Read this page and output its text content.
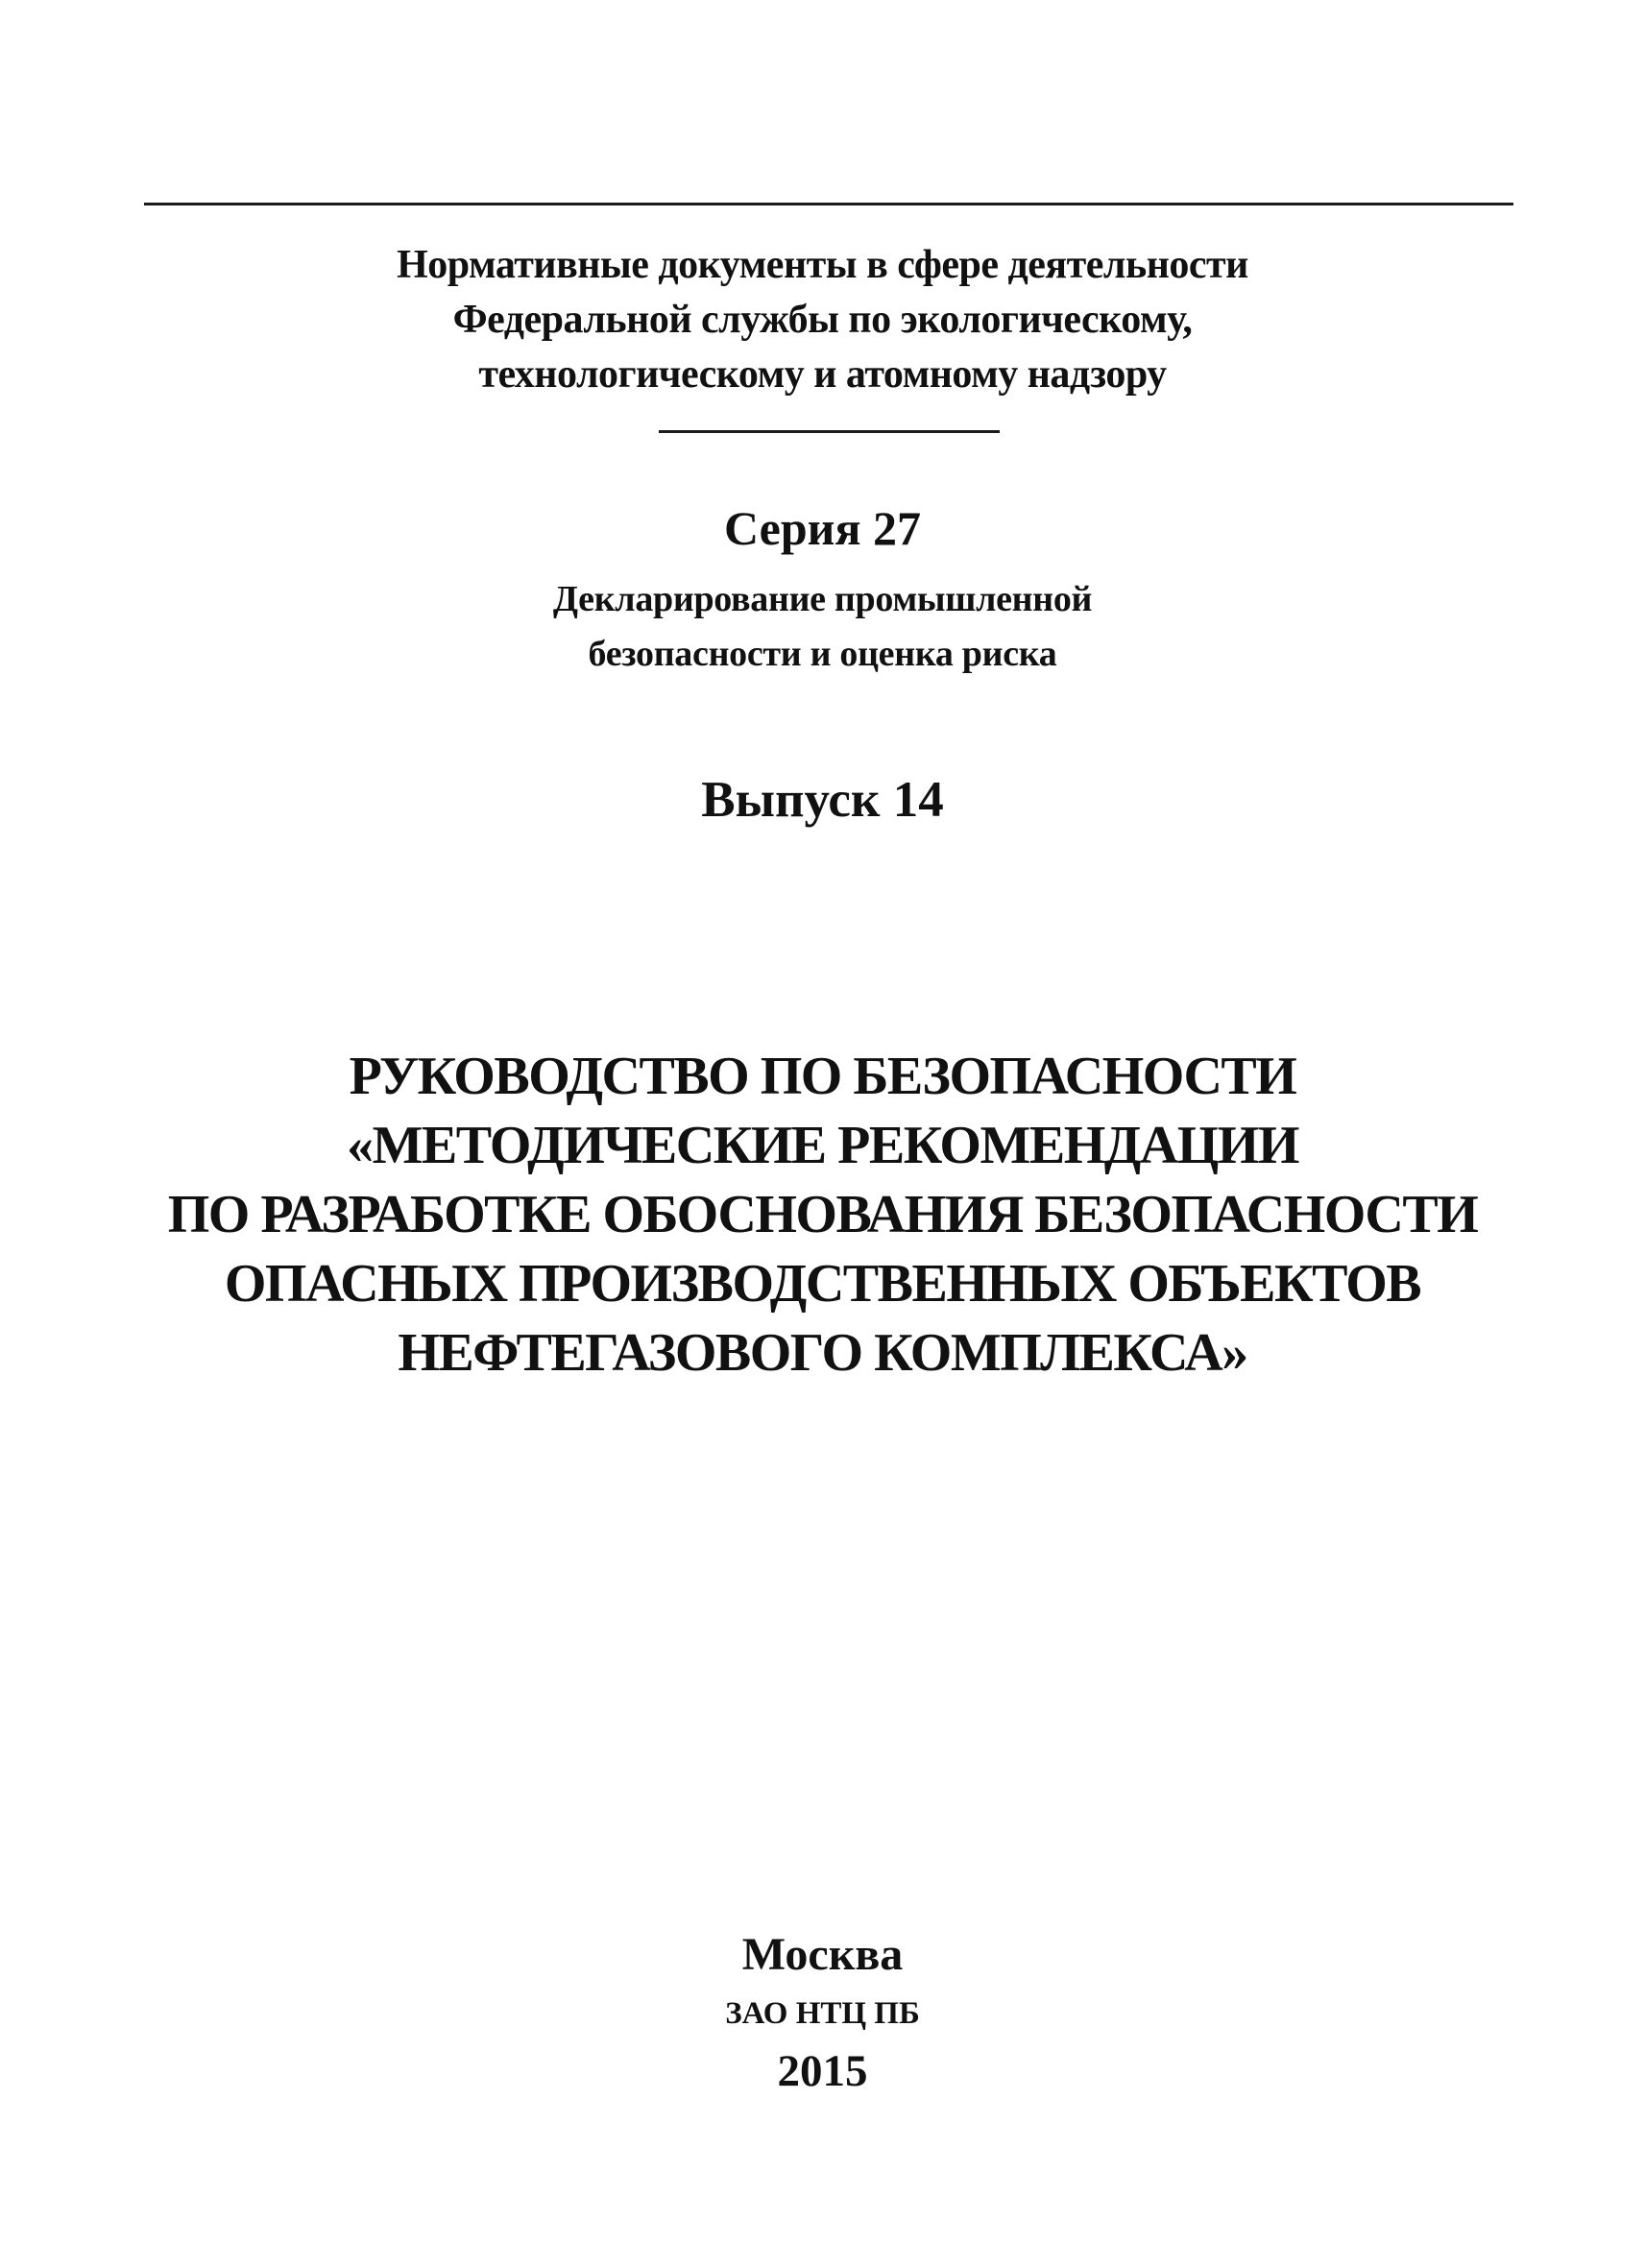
Нормативные документы в сфере деятельности
Федеральной службы по экологическому,
технологическому и атомному надзору
Серия 27
Декларирование промышленной
безопасности и оценка риска
Выпуск 14
РУКОВОДСТВО ПО БЕЗОПАСНОСТИ
«МЕТОДИЧЕСКИЕ РЕКОМЕНДАЦИИ
ПО РАЗРАБОТКЕ ОБОСНОВАНИЯ БЕЗОПАСНОСТИ
ОПАСНЫХ ПРОИЗВОДСТВЕННЫХ ОБЪЕКТОВ
НЕФТЕГАЗОВОГО КОМПЛЕКСА»
Москва
ЗАО НТЦ ПБ
2015
